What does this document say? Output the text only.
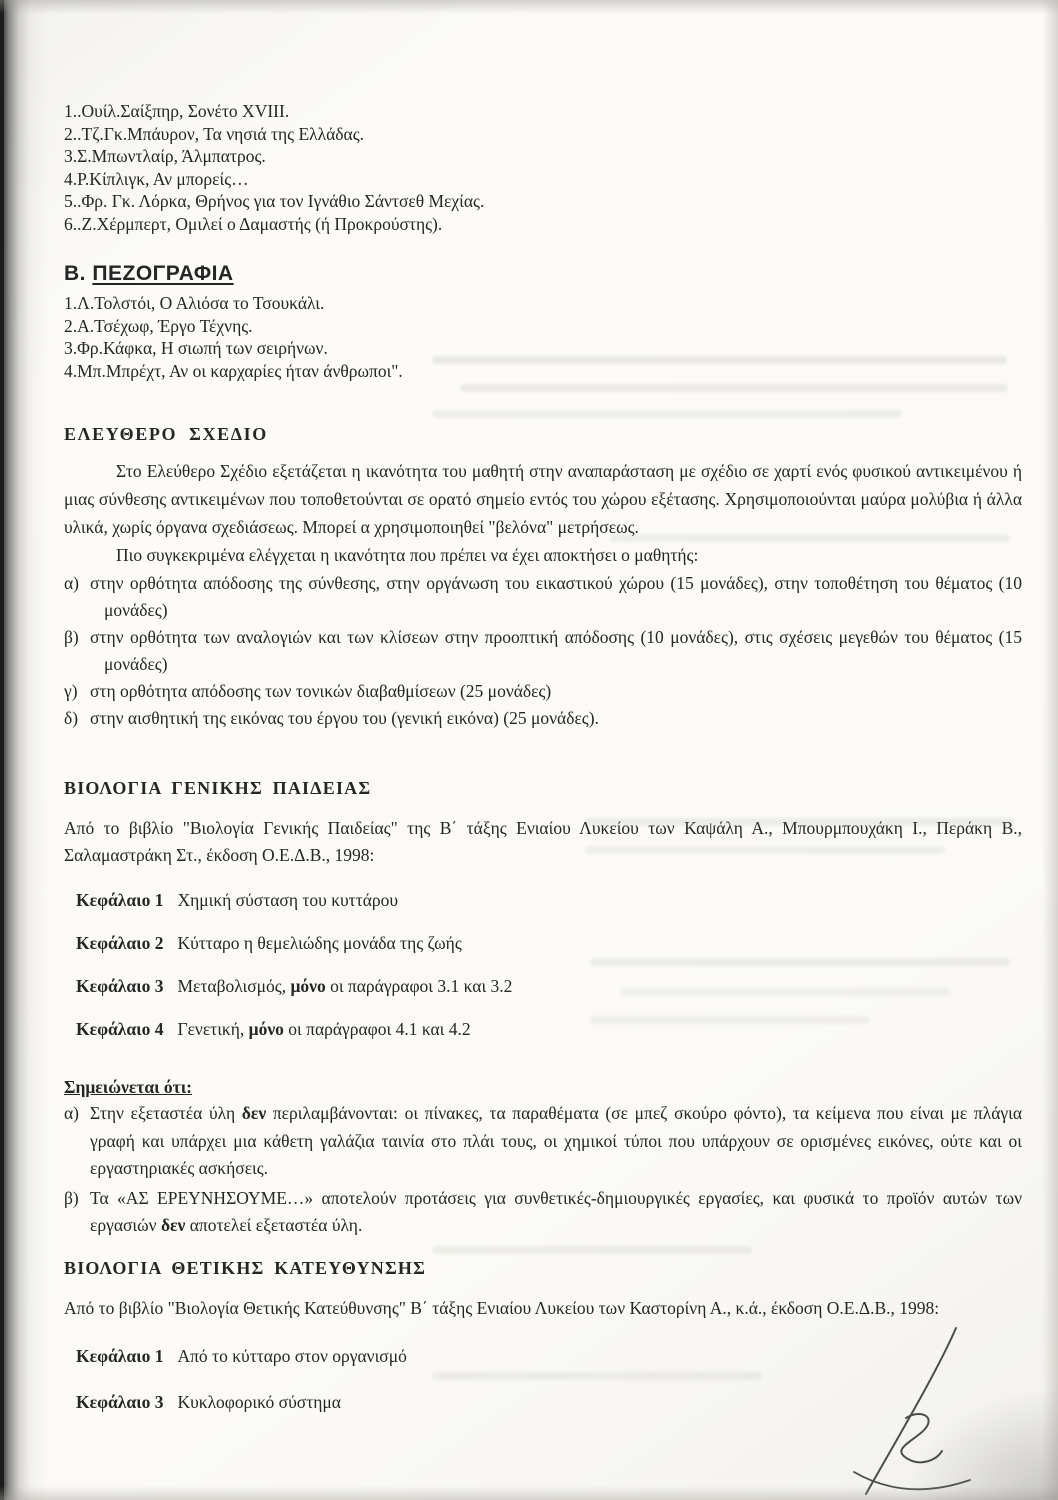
1..Ουίλ.Σαίξπηρ, Σονέτο XVIII.
2..Τζ.Γκ.Μπάυρον, Τα νησιά της Ελλάδας.
3.Σ.Μπωντλαίρ, Άλμπατρος.
4.Ρ.Κίπλιγκ, Αν μπορείς…
5..Φρ. Γκ. Λόρκα, Θρήνος για τον Ιγνάθιο Σάντσεθ Μεχίας.
6..Ζ.Χέρμπερτ, Ομιλεί ο Δαμαστής (ή Προκρούστης).
Β. ΠΕΖΟΓΡΑΦΙΑ
1.Λ.Τολστόι, Ο Αλιόσα το Τσουκάλι.
2.Α.Τσέχωφ, Έργο Τέχνης.
3.Φρ.Κάφκα, Η σιωπή των σειρήνων.
4.Μπ.Μπρέχτ, Αν οι καρχαρίες ήταν άνθρωποι".
ΕΛΕΥΘΕΡΟ ΣΧΕΔΙΟ

Στο Ελεύθερο Σχέδιο εξετάζεται η ικανότητα του μαθητή στην αναπαράσταση με σχέδιο σε χαρτί ενός φυσικού αντικειμένου ή μιας σύνθεσης αντικειμένων που τοποθετούνται σε ορατό σημείο εντός του χώρου εξέτασης. Χρησιμοποιούνται μαύρα μολύβια ή άλλα υλικά, χωρίς όργανα σχεδιάσεως. Μπορεί α χρησιμοποιηθεί "βελόνα" μετρήσεως.

Πιο συγκεκριμένα ελέγχεται η ικανότητα που πρέπει να έχει αποκτήσει ο μαθητής:

α) στην ορθότητα απόδοσης της σύνθεσης, στην οργάνωση του εικαστικού χώρου (15 μονάδες), στην τοποθέτηση του θέματος (10 μονάδες)
β) στην ορθότητα των αναλογιών και των κλίσεων στην προοπτική απόδοσης (10 μονάδες), στις σχέσεις μεγεθών του θέματος (15 μονάδες)
γ) στη ορθότητα απόδοσης των τονικών διαβαθμίσεων (25 μονάδες)
δ) στην αισθητική της εικόνας του έργου του (γενική εικόνα) (25 μονάδες).
ΒΙΟΛΟΓΙΑ ΓΕΝΙΚΗΣ ΠΑΙΔΕΙΑΣ

Από το βιβλίο "Βιολογία Γενικής Παιδείας" της Β΄ τάξης Ενιαίου Λυκείου των Καψάλη Α., Μπουρμπουχάκη Ι., Περάκη Β., Σαλαμαστράκη Στ., έκδοση Ο.Ε.Δ.Β., 1998:

Κεφάλαιο 1 Χημική σύσταση του κυττάρου
Κεφάλαιο 2 Κύτταρο η θεμελιώδης μονάδα της ζωής
Κεφάλαιο 3 Μεταβολισμός, μόνο οι παράγραφοι 3.1 και 3.2
Κεφάλαιο 4 Γενετική, μόνο οι παράγραφοι 4.1 και 4.2
Σημειώνεται ότι:
α) Στην εξεταστέα ύλη δεν περιλαμβάνονται: οι πίνακες, τα παραθέματα (σε μπεζ σκούρο φόντο), τα κείμενα που είναι με πλάγια γραφή και υπάρχει μια κάθετη γαλάζια ταινία στο πλάι τους, οι χημικοί τύποι που υπάρχουν σε ορισμένες εικόνες, ούτε και οι εργαστηριακές ασκήσεις.
β) Τα «ΑΣ ΕΡΕΥΝΗΣΟΥΜΕ…» αποτελούν προτάσεις για συνθετικές-δημιουργικές εργασίες, και φυσικά το προϊόν αυτών των εργασιών δεν αποτελεί εξεταστέα ύλη.
ΒΙΟΛΟΓΙΑ ΘΕΤΙΚΗΣ ΚΑΤΕΥΘΥΝΣΗΣ

Από το βιβλίο "Βιολογία Θετικής Κατεύθυνσης" Β΄ τάξης Ενιαίου Λυκείου των Καστορίνη Α., κ.ά., έκδοση Ο.Ε.Δ.Β., 1998:

Κεφάλαιο 1 Από το κύτταρο στον οργανισμό
Κεφάλαιο 3 Κυκλοφορικό σύστημα
